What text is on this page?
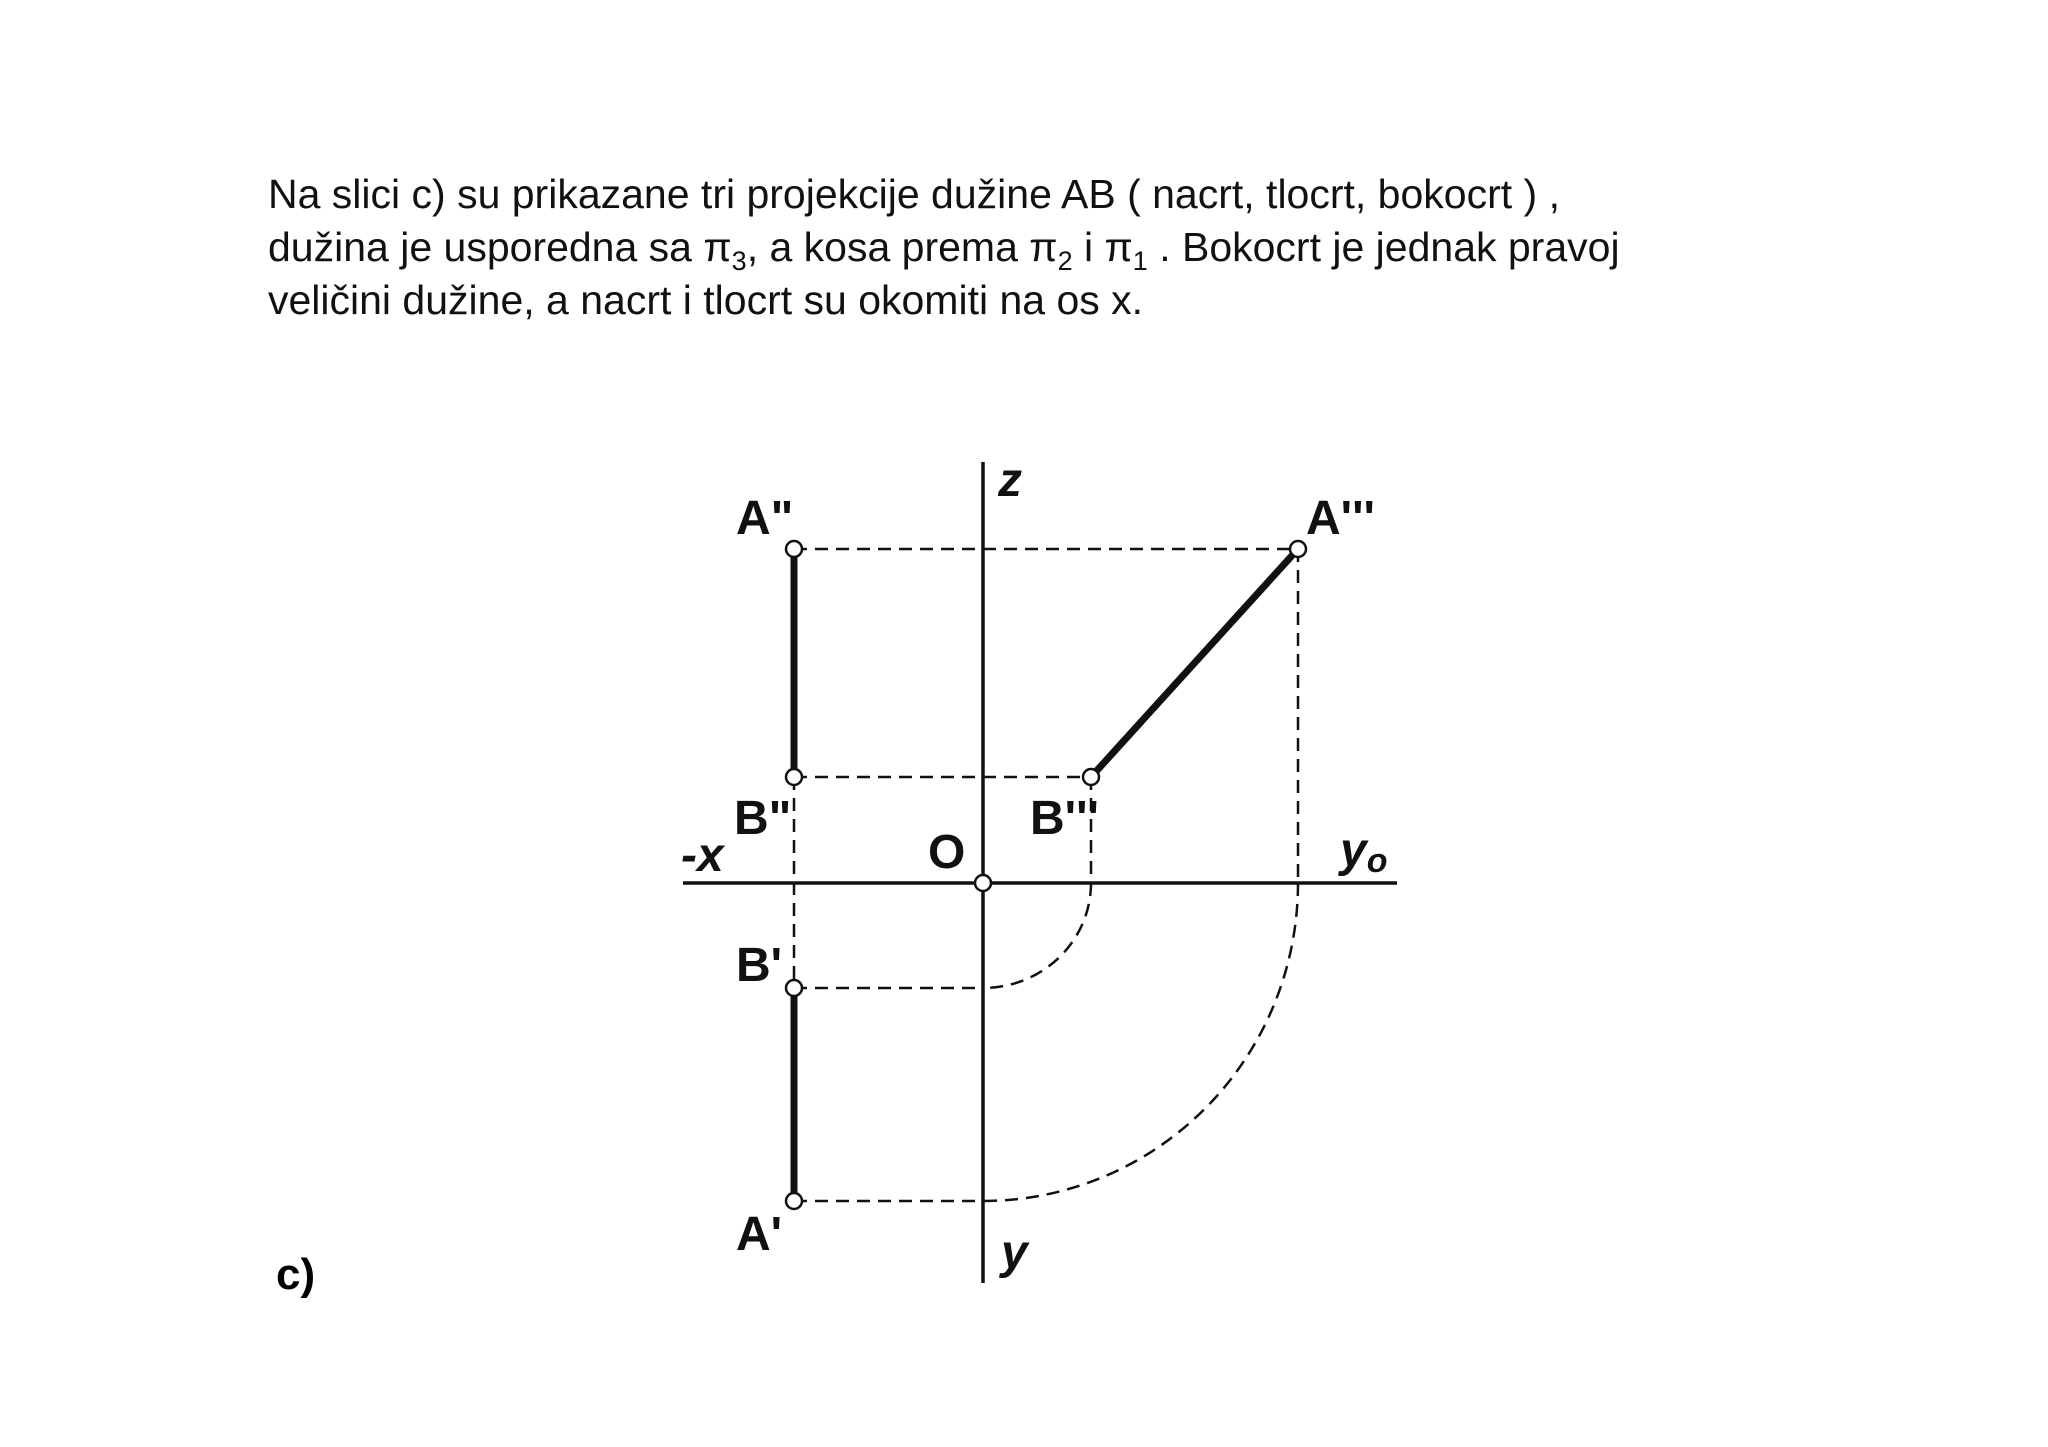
Na slici c) su prikazane tri projekcije dužine AB ( nacrt, tlocrt, bokocrt ) ,
dužina je usporedna sa $\pi_3$, a kosa prema $\pi_2$ i $\pi_1$ . Bokocrt je jednak pravoj
veličini dužine, a nacrt i tlocrt su okomiti na os x.

c)
A"
B"
A'''
B'''
B'
A'
z
y
-x	O	yo
